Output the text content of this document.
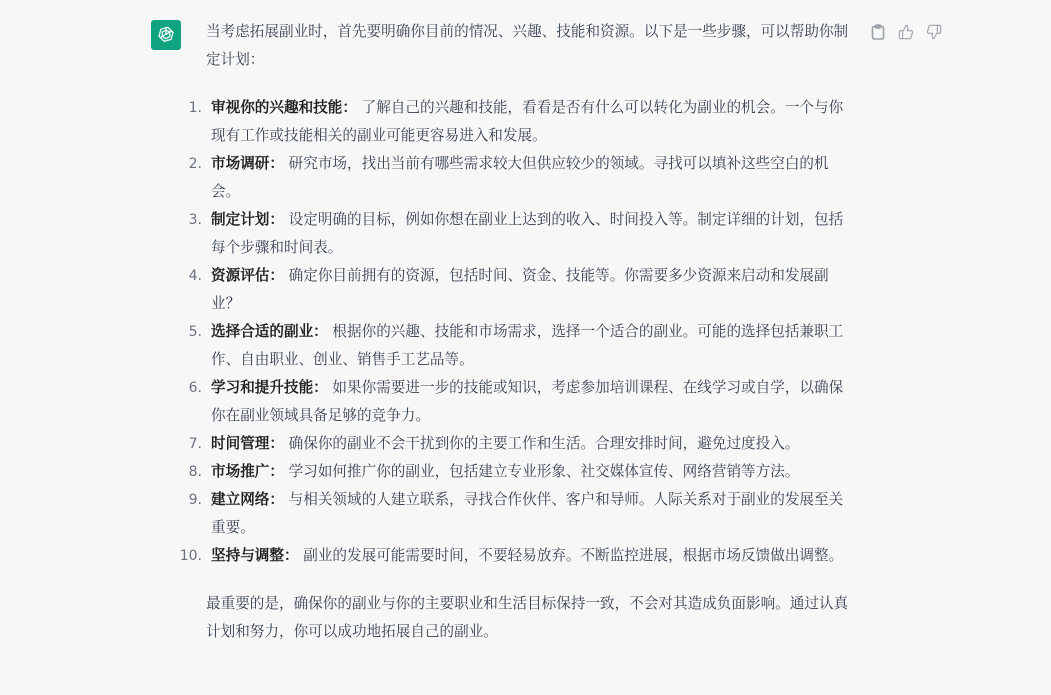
当考虑拓展副业时，首先要明确你目前的情况、兴趣、技能和资源。以下是一些步骤，可以帮助你制定计划：

1. 审视你的兴趣和技能： 了解自己的兴趣和技能，看看是否有什么可以转化为副业的机会。一个与你现有工作或技能相关的副业可能更容易进入和发展。
2. 市场调研： 研究市场，找出当前有哪些需求较大但供应较少的领域。寻找可以填补这些空白的机会。
3. 制定计划： 设定明确的目标，例如你想在副业上达到的收入、时间投入等。制定详细的计划，包括每个步骤和时间表。
4. 资源评估： 确定你目前拥有的资源，包括时间、资金、技能等。你需要多少资源来启动和发展副业？
5. 选择合适的副业： 根据你的兴趣、技能和市场需求，选择一个适合的副业。可能的选择包括兼职工作、自由职业、创业、销售手工艺品等。
6. 学习和提升技能： 如果你需要进一步的技能或知识，考虑参加培训课程、在线学习或自学，以确保你在副业领域具备足够的竞争力。
7. 时间管理： 确保你的副业不会干扰到你的主要工作和生活。合理安排时间，避免过度投入。
8. 市场推广： 学习如何推广你的副业，包括建立专业形象、社交媒体宣传、网络营销等方法。
9. 建立网络： 与相关领域的人建立联系，寻找合作伙伴、客户和导师。人际关系对于副业的发展至关重要。
10. 坚持与调整： 副业的发展可能需要时间，不要轻易放弃。不断监控进展，根据市场反馈做出调整。

最重要的是，确保你的副业与你的主要职业和生活目标保持一致，不会对其造成负面影响。通过认真计划和努力，你可以成功地拓展自己的副业。
